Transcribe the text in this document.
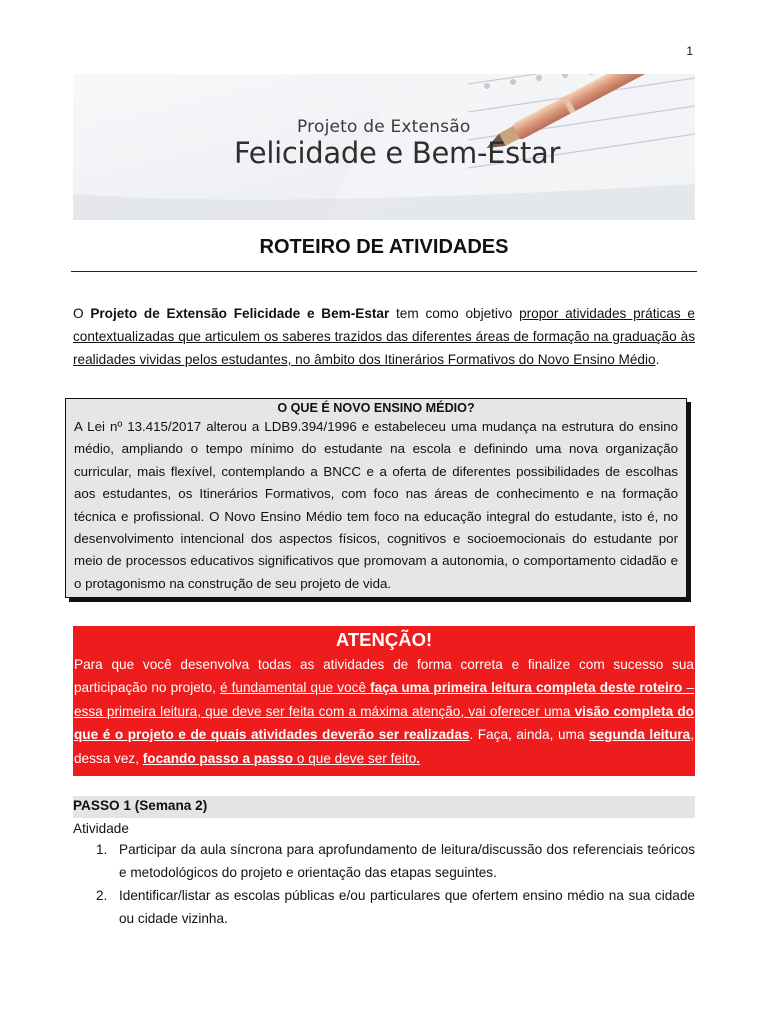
1
Projeto de Extensão
Felicidade e Bem-Estar
ROTEIRO DE ATIVIDADES
O Projeto de Extensão Felicidade e Bem-Estar tem como objetivo propor atividades práticas e contextualizadas que articulem os saberes trazidos das diferentes áreas de formação na graduação às realidades vividas pelos estudantes, no âmbito dos Itinerários Formativos do Novo Ensino Médio.
O QUE É NOVO ENSINO MÉDIO?
A Lei nº 13.415/2017 alterou a LDB9.394/1996 e estabeleceu uma mudança na estrutura do ensino médio, ampliando o tempo mínimo do estudante na escola e definindo uma nova organização curricular, mais flexível, contemplando a BNCC e a oferta de diferentes possibilidades de escolhas aos estudantes, os Itinerários Formativos, com foco nas áreas de conhecimento e na formação técnica e profissional. O Novo Ensino Médio tem foco na educação integral do estudante, isto é, no desenvolvimento intencional dos aspectos físicos, cognitivos e socioemocionais do estudante por meio de processos educativos significativos que promovam a autonomia, o comportamento cidadão e o protagonismo na construção de seu projeto de vida.
ATENÇÃO!
Para que você desenvolva todas as atividades de forma correta e finalize com sucesso sua participação no projeto, é fundamental que você faça uma primeira leitura completa deste roteiro – essa primeira leitura, que deve ser feita com a máxima atenção, vai oferecer uma visão completa do que é o projeto e de quais atividades deverão ser realizadas. Faça, ainda, uma segunda leitura, dessa vez, focando passo a passo o que deve ser feito.
PASSO 1 (Semana 2)
Atividade
1. Participar da aula síncrona para aprofundamento de leitura/discussão dos referenciais teóricos e metodológicos do projeto e orientação das etapas seguintes.
2. Identificar/listar as escolas públicas e/ou particulares que ofertem ensino médio na sua cidade ou cidade vizinha.
